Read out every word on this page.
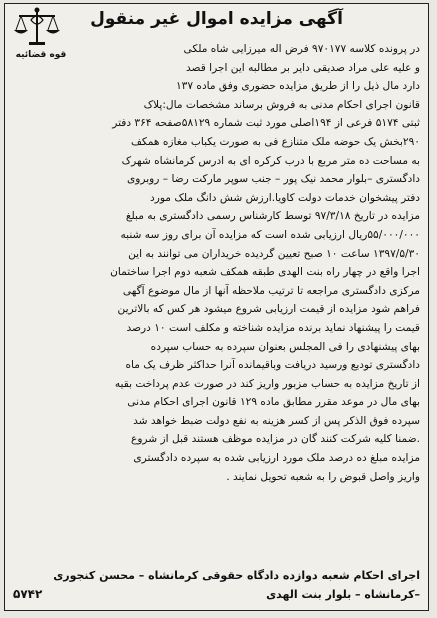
آگهی مزایده اموال غیر منقول
قوه قضائیه	در پرونده کلاسه ۹۷۰۱۷۷ فرض اله میرزایی شاه ملکی
و علیه علی مراد صدیقی دایر بر مطالبه این اجرا قصد
دارد مال ذیل را از طریق مزایده حضوری وفق ماده ۱۳۷
قانون اجرای احکام مدنی به فروش برساند مشخصات مال:پلاک
ثبتی ۵۱۷۴ فرعی از ۱۹۴اصلی مورد ثبت شماره ۵۸۱۲۹صفحه ۳۶۴ دفتر
۲۹۰بخش یک حوضه ملک متنازع فی به صورت یکباب مغازه همکف
به مساحت ده متر مربع با درب کرکره ای به ادرس کرمانشاه شهرک
دادگستری –بلوار محمد نیک پور – جنب سوپر مارکت رضا – روبروی
دفتر پیشخوان خدمات دولت کاویا.ارزش شش دانگ ملک مورد
مزایده در تاریخ ۹۷/۳/۱۸ توسط کارشناس رسمی دادگستری به مبلغ
۵۵/۰۰۰/۰۰۰ریال ارزیابی شده است که مزایده آن برای روز سه شنبه
۱۳۹۷/۵/۳۰ ساعت ۱۰ صبح تعیین گردیده خریداران می توانند به این
اجرا واقع در چهار راه بنت الهدی طبقه همکف شعبه دوم اجرا ساختمان
مرکزی دادگستری مراجعه تا ترتیب ملاحظه آنها از مال موضوع آگهی
فراهم شود مزایده از قیمت ارزیابی شروع میشود هر کس که بالاترین
قیمت را پیشنهاد نماید برنده مزایده شناخته و مکلف است ۱۰ درصد
بهای پیشنهادی را فی المجلس بعنوان سپرده به حساب سپرده
دادگستری تودیع ورسید دریافت وباقیمانده آنرا حداکثر ظرف یک ماه
از تاریخ مزایده به حساب مزبور واریز کند در صورت عدم پرداخت بقیه
بهای مال در موعد مقرر مطابق ماده ۱۲۹ قانون اجرای احکام مدنی
سپرده فوق الذکر پس از کسر هزینه به نفع دولت ضبط خواهد شد
.ضمنا کلیه شرکت کنند گان در مزایده موظف هستند قبل از شروع
مزایده مبلغ ده درصد ملک مورد ارزیابی شده به سپرده دادگستری
واریز واصل قبوض را به شعبه تحویل نمایند .
اجرای احکام شعبه دوازده دادگاه حقوقی کرمانشاه – محسن کنجوری
–کرمانشاه – بلوار بنت الهدی
۵۷۴۲
